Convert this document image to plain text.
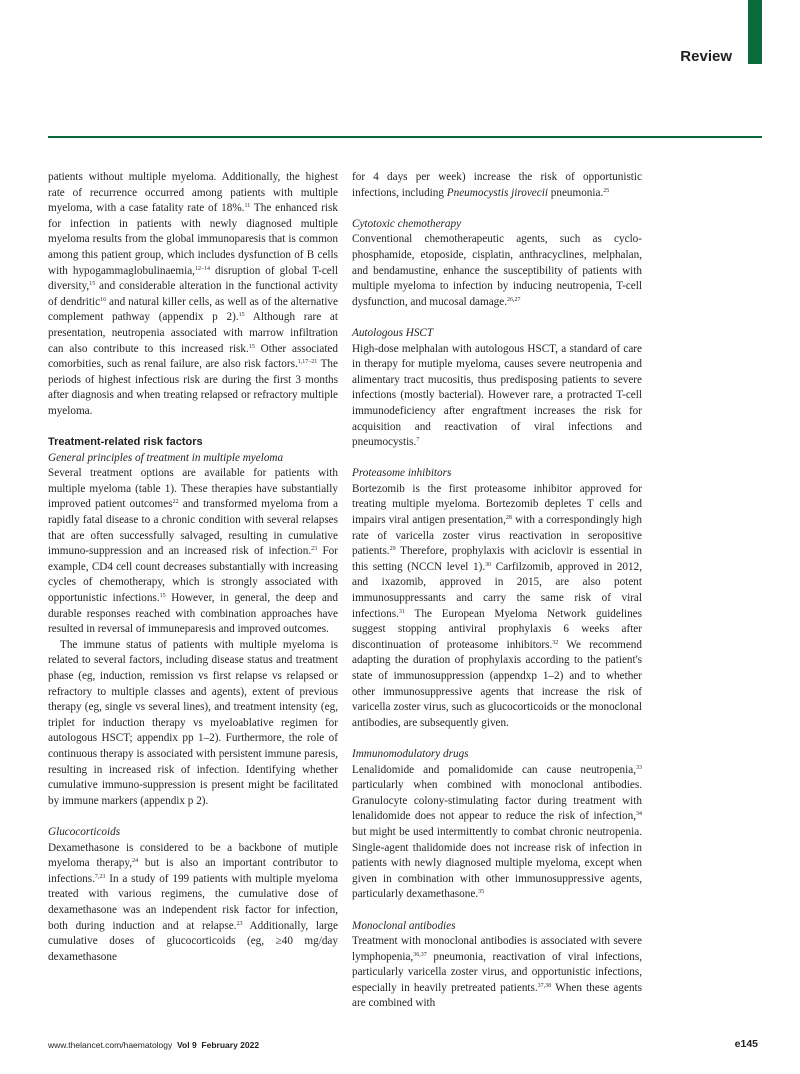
Review

patients without multiple myeloma. Additionally, the highest rate of recurrence occurred among patients with multiple myeloma, with a case fatality rate of 18%.$^{11}$ The enhanced risk for infection in patients with newly diagnosed multiple myeloma results from the global immunoparesis that is common among this patient group, which includes dysfunction of B cells with hypogammaglobulinaemia,$^{12-14}$ disruption of global T-cell diversity,$^{15}$ and considerable alteration in the functional activity of dendritic$^{16}$ and natural killer cells, as well as of the alternative complement pathway (appendix p 2).$^{15}$ Although rare at presentation, neutropenia associated with marrow infiltration can also contribute to this increased risk.$^{15}$ Other associated comorbities, such as renal failure, are also risk factors.$^{1,17-21}$ The periods of highest infectious risk are during the first 3 months after diagnosis and when treating relapsed or refractory multiple myeloma.

Treatment-related risk factors

General principles of treatment in multiple myeloma

Several treatment options are available for patients with multiple myeloma (table 1). These therapies have substantially improved patient outcomes$^{22}$ and transformed myeloma from a rapidly fatal disease to a chronic condition with several relapses that are often successfully salvaged, resulting in cumulative immuno-suppression and an increased risk of infection.$^{23}$ For example, CD4 cell count decreases substantially with increasing cycles of chemotherapy, which is strongly associated with opportunistic infections.$^{15}$ However, in general, the deep and durable responses reached with combination approaches have resulted in reversal of immuneparesis and improved outcomes.

The immune status of patients with multiple myeloma is related to several factors, including disease status and treatment phase (eg, induction, remission vs first relapse vs relapsed or refractory to multiple classes and agents), extent of previous therapy (eg, single vs several lines), and treatment intensity (eg, triplet for induction therapy vs myeloablative regimen for autologous HSCT; appendix pp 1–2). Furthermore, the role of continuous therapy is associated with persistent immune paresis, resulting in increased risk of infection. Identifying whether cumulative immuno-suppression is present might be facilitated by immune markers (appendix p 2).

Glucocorticoids

Dexamethasone is considered to be a backbone of mutiple myeloma therapy,$^{24}$ but is also an important contributor to infections.$^{7,23}$ In a study of 199 patients with multiple myeloma treated with various regimens, the cumulative dose of dexamethasone was an independent risk factor for infection, both during induction and at relapse.$^{23}$ Additionally, large cumulative doses of glucocorticoids (eg, ≥40 mg/day dexamethasone

for 4 days per week) increase the risk of opportunistic infections, including Pneumocystis jirovecii pneumonia.$^{25}$

Cytotoxic chemotherapy

Conventional chemotherapeutic agents, such as cyclo-phosphamide, etoposide, cisplatin, anthracyclines, melphalan, and bendamustine, enhance the susceptibility of patients with multiple myeloma to infection by inducing neutropenia, T-cell dysfunction, and mucosal damage.$^{26,27}$

Autologous HSCT

High-dose melphalan with autologous HSCT, a standard of care in therapy for mutiple myeloma, causes severe neutropenia and alimentary tract mucositis, thus predisposing patients to severe infections (mostly bacterial). However rare, a protracted T-cell immunodeficiency after engraftment increases the risk for acquisition and reactivation of viral infections and pneumocystis.$^7$

Proteasome inhibitors

Bortezomib is the first proteasome inhibitor approved for treating multiple myeloma. Bortezomib depletes T cells and impairs viral antigen presentation,$^{28}$ with a correspondingly high rate of varicella zoster virus reactivation in seropositive patients.$^{29}$ Therefore, prophylaxis with aciclovir is essential in this setting (NCCN level 1).$^{30}$ Carfilzomib, approved in 2012, and ixazomib, approved in 2015, are also potent immunosuppressants and carry the same risk of viral infections.$^{31}$ The European Myeloma Network guidelines suggest stopping antiviral prophylaxis 6 weeks after discontinuation of proteasome inhibitors.$^{32}$ We recommend adapting the duration of prophylaxis according to the patient's state of immunosuppression (appendxp 1–2) and to whether other immunosuppressive agents that increase the risk of varicella zoster virus, such as glucocorticoids or the monoclonal antibodies, are subsequently given.

Immunomodulatory drugs

Lenalidomide and pomalidomide can cause neutropenia,$^{33}$ particularly when combined with monoclonal antibodies. Granulocyte colony-stimulating factor during treatment with lenalidomide does not appear to reduce the risk of infection,$^{34}$ but might be used intermittently to combat chronic neutropenia. Single-agent thalidomide does not increase risk of infection in patients with newly diagnosed multiple myeloma, except when given in combination with other immunosuppressive agents, particularly dexamethasone.$^{35}$

Monoclonal antibodies

Treatment with monoclonal antibodies is associated with severe lymphopenia,$^{36,37}$ pneumonia, reactivation of viral infections, particularly varicella zoster virus, and opportunistic infections, especially in heavily pretreated patients.$^{37,38}$ When these agents are combined with

www.thelancet.com/haematology Vol 9 February 2022	e145
